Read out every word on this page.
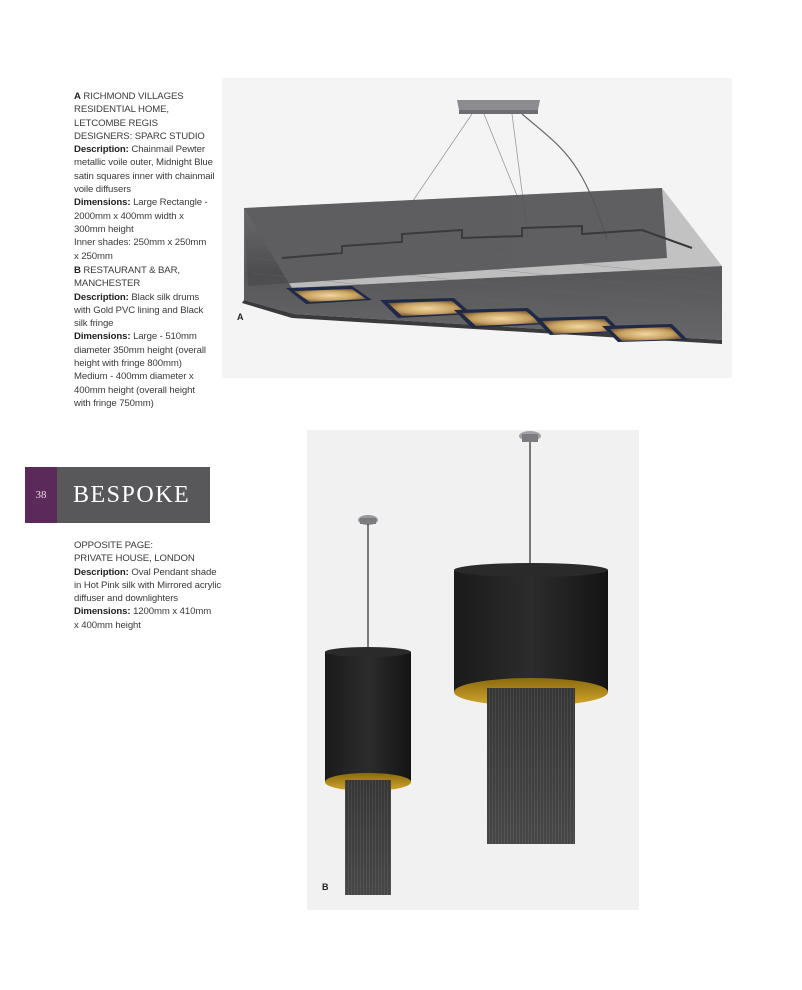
A RICHMOND VILLAGES
RESIDENTIAL HOME,
LETCOMBE REGIS
DESIGNERS: SPARC STUDIO
Description: Chainmail Pewter
metallic voile outer, Midnight Blue
satin squares inner with chainmail
voile diffusers
Dimensions: Large Rectangle -
2000mm x 400mm width x
300mm height
Inner shades: 250mm x 250mm
x 250mm
B RESTAURANT & BAR,
MANCHESTER
Description: Black silk drums
with Gold PVC lining and Black
silk fringe
Dimensions: Large - 510mm
diameter 350mm height (overall
height with fringe 800mm)
Medium - 400mm diameter x
400mm height (overall height
with fringe 750mm)
38	BESPOKE
OPPOSITE PAGE:
PRIVATE HOUSE, LONDON
Description: Oval Pendant shade
in Hot Pink silk with Mirrored acrylic
diffuser and downlighters
Dimensions: 1200mm x 410mm
x 400mm height
A
B
